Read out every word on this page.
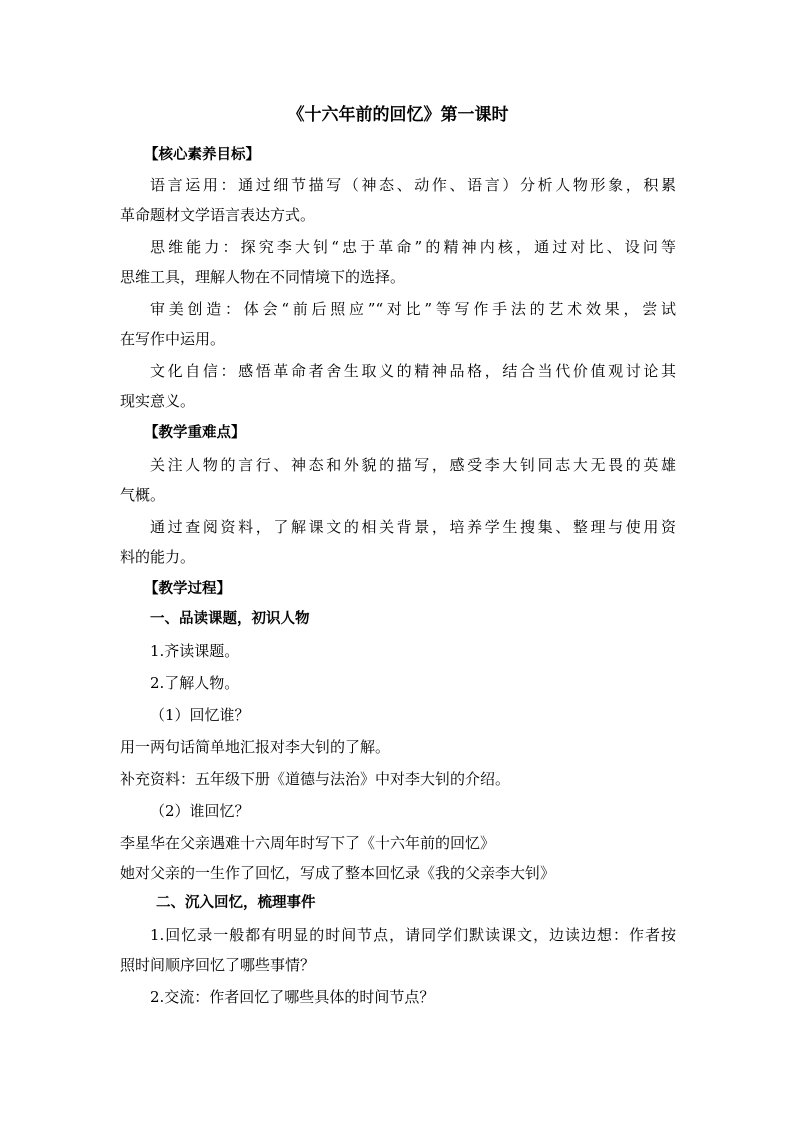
《十六年前的回忆》第一课时
【核心素养目标】
语言运用：通过细节描写（神态、动作、语言）分析人物形象，积累
革命题材文学语言表达方式。
思维能力：探究李大钊“忠于革命”的精神内核，通过对比、设问等
思维工具，理解人物在不同情境下的选择。
审美创造：体会“前后照应”“对比”等写作手法的艺术效果，尝试
在写作中运用。
文化自信：感悟革命者舍生取义的精神品格，结合当代价值观讨论其
现实意义。
【教学重难点】
关注人物的言行、神态和外貌的描写，感受李大钊同志大无畏的英雄
气概。
通过查阅资料，了解课文的相关背景，培养学生搜集、整理与使用资
料的能力。
【教学过程】
一、品读课题，初识人物
1.齐读课题。
2.了解人物。
（1）回忆谁？
用一两句话简单地汇报对李大钊的了解。
补充资料：五年级下册《道德与法治》中对李大钊的介绍。
（2）谁回忆？
李星华在父亲遇难十六周年时写下了《十六年前的回忆》
她对父亲的一生作了回忆，写成了整本回忆录《我的父亲李大钊》
二、沉入回忆，梳理事件
1.回忆录一般都有明显的时间节点，请同学们默读课文，边读边想：作者按
照时间顺序回忆了哪些事情？
2.交流：作者回忆了哪些具体的时间节点？
